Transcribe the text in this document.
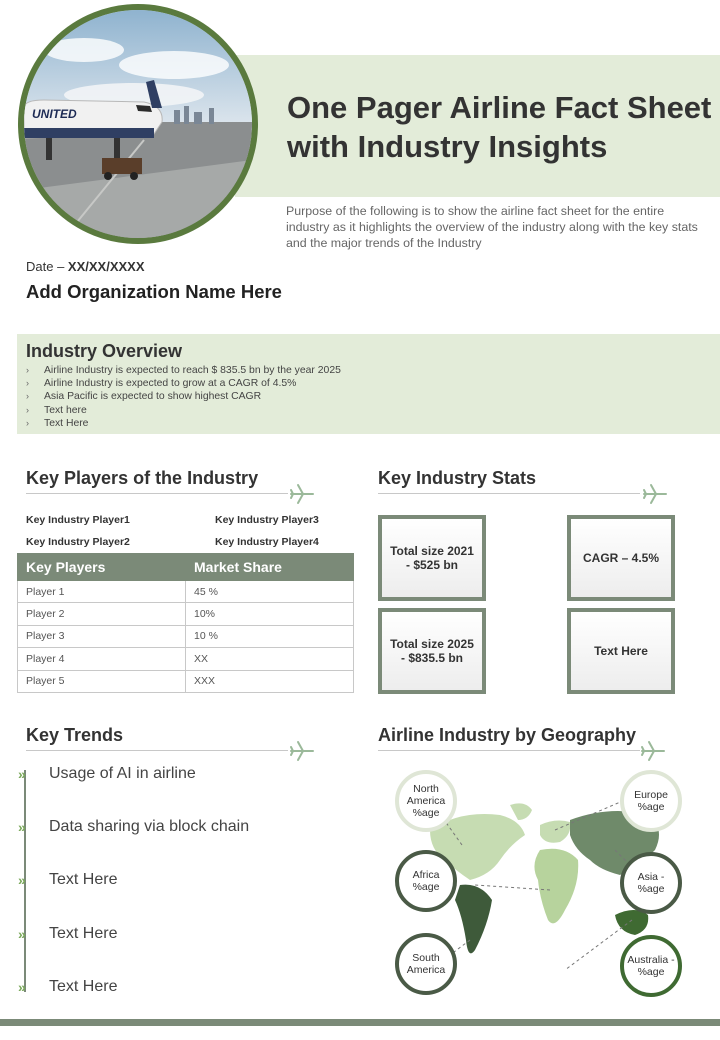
UNITED	One Pager Airline Fact Sheet with Industry Insights
Purpose of the following is to show the airline fact sheet for the entire industry as it highlights the overview of the industry along with the key stats and the major trends of the Industry
Date – XX/XX/XXXX
Add Organization Name Here
Industry Overview
› Airline Industry is expected to reach $ 835.5 bn by the year 2025
› Airline Industry is expected to grow at a CAGR of 4.5%
› Asia Pacific is expected to show highest CAGR
› Text here
› Text Here
Key Players of the Industry
Key Industry Player1	Key Industry Player3
Key Industry Player2	Key Industry Player4
Key Players	Market Share
Player 1	45 %
Player 2	10%
Player 3	10 %
Player 4	XX
Player 5	XXX
Key Industry Stats
Total size 2021 - $525 bn	CAGR – 4.5%
Total size 2025 - $835.5 bn	Text Here
Key Trends
»	Usage of AI in airline
»	Data sharing via block chain
»	Text Here
»	Text Here
»	Text Here
Airline Industry by Geography
North America %age
Europe %age
Africa %age
Asia - %age
South America
Australia - %age
